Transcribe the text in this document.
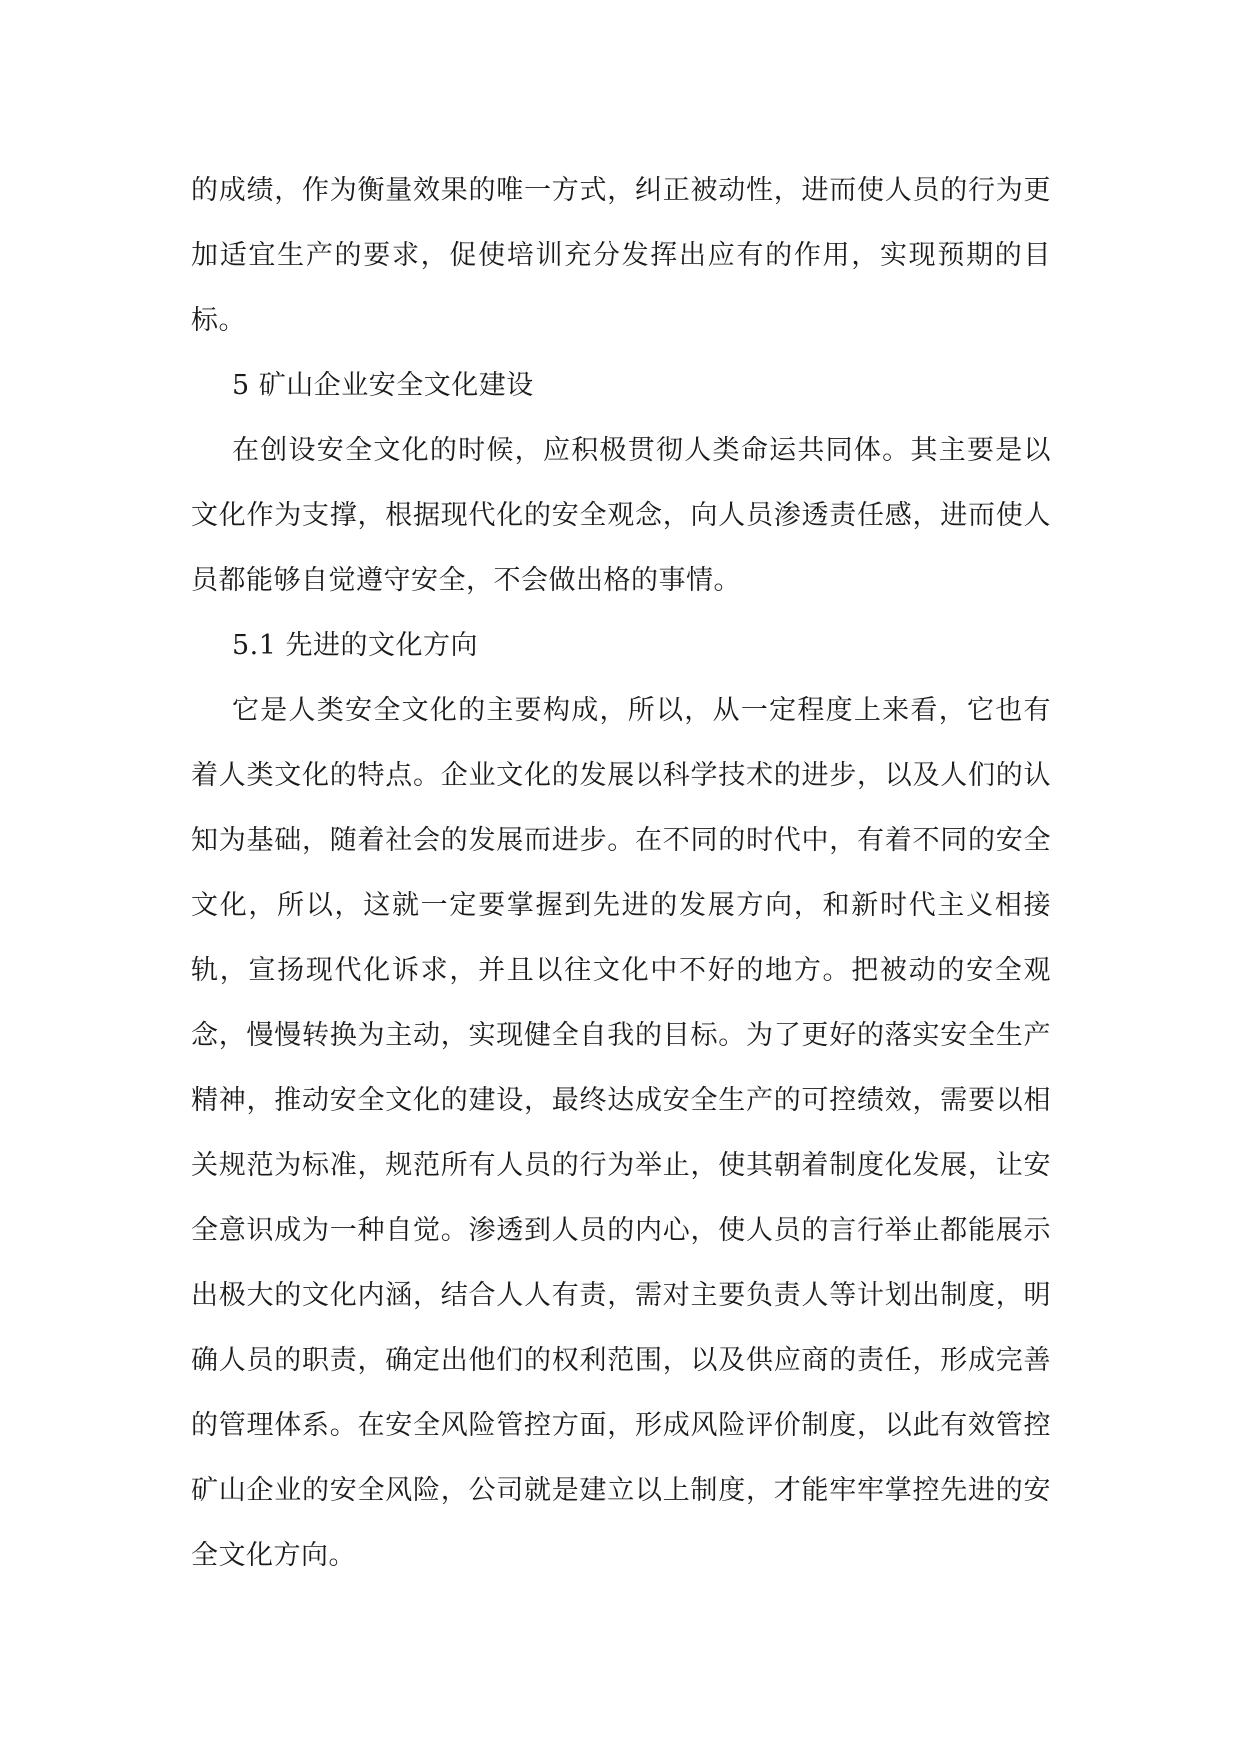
的成绩，作为衡量效果的唯一方式，纠正被动性，进而使人员的行为更加适宜生产的要求，促使培训充分发挥出应有的作用，实现预期的目标。

5 矿山企业安全文化建设

在创设安全文化的时候，应积极贯彻人类命运共同体。其主要是以文化作为支撑，根据现代化的安全观念，向人员渗透责任感，进而使人员都能够自觉遵守安全，不会做出格的事情。

5.1 先进的文化方向

它是人类安全文化的主要构成，所以，从一定程度上来看，它也有着人类文化的特点。企业文化的发展以科学技术的进步，以及人们的认知为基础，随着社会的发展而进步。在不同的时代中，有着不同的安全文化，所以，这就一定要掌握到先进的发展方向，和新时代主义相接轨，宣扬现代化诉求，并且以往文化中不好的地方。把被动的安全观念，慢慢转换为主动，实现健全自我的目标。为了更好的落实安全生产精神，推动安全文化的建设，最终达成安全生产的可控绩效，需要以相关规范为标准，规范所有人员的行为举止，使其朝着制度化发展，让安全意识成为一种自觉。渗透到人员的内心，使人员的言行举止都能展示出极大的文化内涵，结合人人有责，需对主要负责人等计划出制度，明确人员的职责，确定出他们的权利范围，以及供应商的责任，形成完善的管理体系。在安全风险管控方面，形成风险评价制度，以此有效管控矿山企业的安全风险，公司就是建立以上制度，才能牢牢掌控先进的安全文化方向。
